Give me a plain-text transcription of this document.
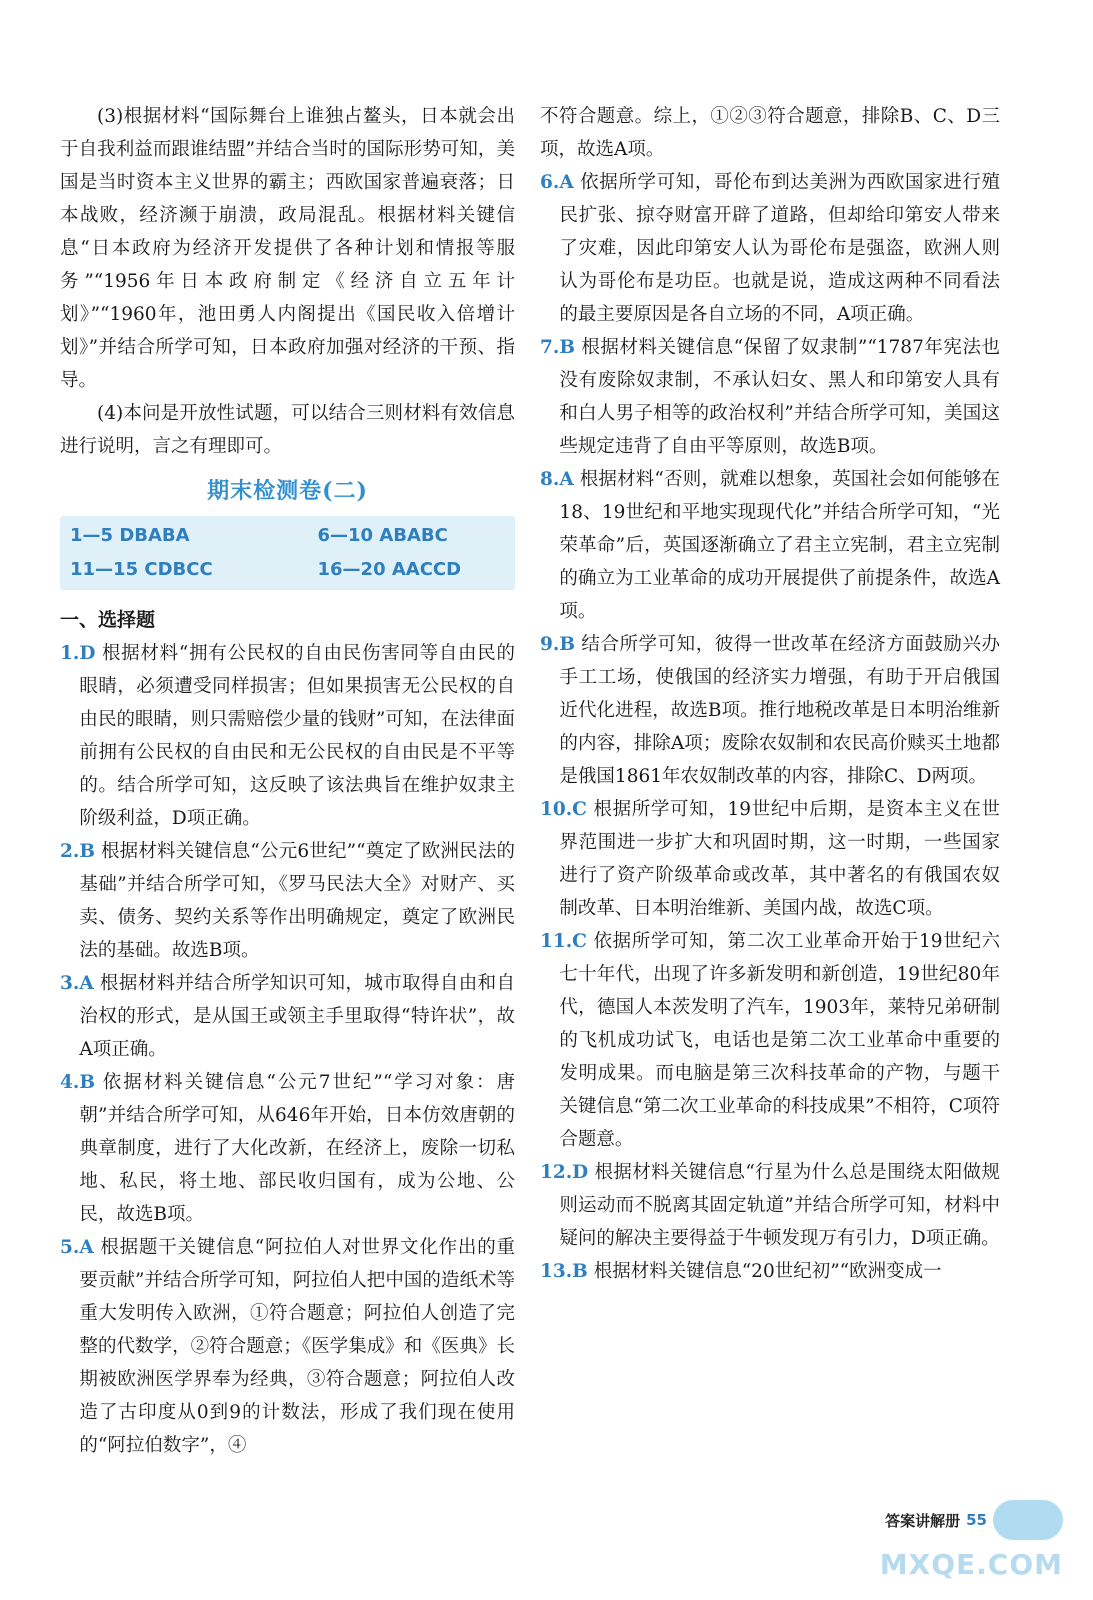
(3)根据材料“国际舞台上谁独占鳌头，日本就会出于自我利益而跟谁结盟”并结合当时的国际形势可知，美国是当时资本主义世界的霸主；西欧国家普遍衰落；日本战败，经济濒于崩溃，政局混乱。根据材料关键信息“日本政府为经济开发提供了各种计划和情报等服务”“1956年日本政府制定《经济自立五年计划》”“1960年，池田勇人内阁提出《国民收入倍增计划》”并结合所学可知，日本政府加强对经济的干预、指导。

(4)本问是开放性试题，可以结合三则材料有效信息进行说明，言之有理即可。

期末检测卷(二)
1—5 DBABA	6—10 ABABC
11—15 CDBCC	16—20 AACCD
一、选择题

1.D 根据材料“拥有公民权的自由民伤害同等自由民的眼睛，必须遭受同样损害；但如果损害无公民权的自由民的眼睛，则只需赔偿少量的钱财”可知，在法律面前拥有公民权的自由民和无公民权的自由民是不平等的。结合所学可知，这反映了该法典旨在维护奴隶主阶级利益，D项正确。

2.B 根据材料关键信息“公元6世纪”“奠定了欧洲民法的基础”并结合所学可知，《罗马民法大全》对财产、买卖、债务、契约关系等作出明确规定，奠定了欧洲民法的基础。故选B项。

3.A 根据材料并结合所学知识可知，城市取得自由和自治权的形式，是从国王或领主手里取得“特许状”，故A项正确。

4.B 依据材料关键信息“公元7世纪”“学习对象：唐朝”并结合所学可知，从646年开始，日本仿效唐朝的典章制度，进行了大化改新，在经济上，废除一切私地、私民，将土地、部民收归国有，成为公地、公民，故选B项。

5.A 根据题干关键信息“阿拉伯人对世界文化作出的重要贡献”并结合所学可知，阿拉伯人把中国的造纸术等重大发明传入欧洲，①符合题意；阿拉伯人创造了完整的代数学，②符合题意；《医学集成》和《医典》长期被欧洲医学界奉为经典，③符合题意；阿拉伯人改造了古印度从0到9的计数法，形成了我们现在使用的“阿拉伯数字”，④

不符合题意。综上，①②③符合题意，排除B、C、D三项，故选A项。

6.A 依据所学可知，哥伦布到达美洲为西欧国家进行殖民扩张、掠夺财富开辟了道路，但却给印第安人带来了灾难，因此印第安人认为哥伦布是强盗，欧洲人则认为哥伦布是功臣。也就是说，造成这两种不同看法的最主要原因是各自立场的不同，A项正确。

7.B 根据材料关键信息“保留了奴隶制”“1787年宪法也没有废除奴隶制，不承认妇女、黑人和印第安人具有和白人男子相等的政治权利”并结合所学可知，美国这些规定违背了自由平等原则，故选B项。

8.A 根据材料“否则，就难以想象，英国社会如何能够在18、19世纪和平地实现现代化”并结合所学可知，“光荣革命”后，英国逐渐确立了君主立宪制，君主立宪制的确立为工业革命的成功开展提供了前提条件，故选A项。

9.B 结合所学可知，彼得一世改革在经济方面鼓励兴办手工工场，使俄国的经济实力增强，有助于开启俄国近代化进程，故选B项。推行地税改革是日本明治维新的内容，排除A项；废除农奴制和农民高价赎买土地都是俄国1861年农奴制改革的内容，排除C、D两项。

10.C 根据所学可知，19世纪中后期，是资本主义在世界范围进一步扩大和巩固时期，这一时期，一些国家进行了资产阶级革命或改革，其中著名的有俄国农奴制改革、日本明治维新、美国内战，故选C项。

11.C 依据所学可知，第二次工业革命开始于19世纪六七十年代，出现了许多新发明和新创造，19世纪80年代，德国人本茨发明了汽车，1903年，莱特兄弟研制的飞机成功试飞，电话也是第二次工业革命中重要的发明成果。而电脑是第三次科技革命的产物，与题干关键信息“第二次工业革命的科技成果”不相符，C项符合题意。

12.D 根据材料关键信息“行星为什么总是围绕太阳做规则运动而不脱离其固定轨道”并结合所学可知，材料中疑问的解决主要得益于牛顿发现万有引力，D项正确。

13.B 根据材料关键信息“20世纪初”“欧洲变成一

答案讲解册 55
MXQE.COM
